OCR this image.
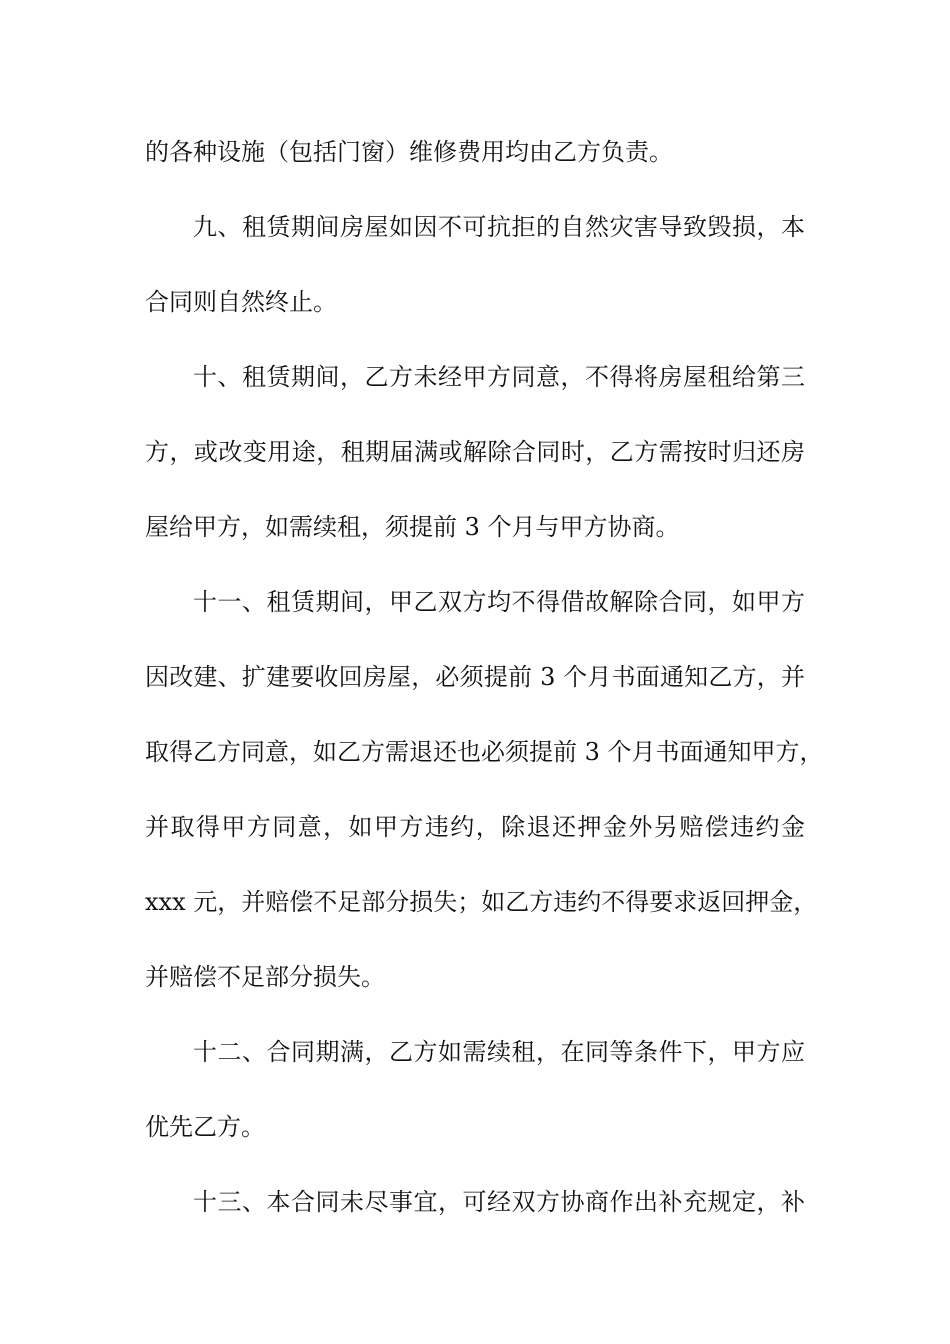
的各种设施（包括门窗）维修费用均由乙方负责。
九、租赁期间房屋如因不可抗拒的自然灾害导致毁损，本
合同则自然终止。
十、租赁期间，乙方未经甲方同意，不得将房屋租给第三
方，或改变用途，租期届满或解除合同时，乙方需按时归还房
屋给甲方，如需续租，须提前 3 个月与甲方协商。
十一、租赁期间，甲乙双方均不得借故解除合同，如甲方
因改建、扩建要收回房屋，必须提前 3 个月书面通知乙方，并
取得乙方同意，如乙方需退还也必须提前 3 个月书面通知甲方，
并取得甲方同意，如甲方违约，除退还押金外另赔偿违约金
xxx 元，并赔偿不足部分损失；如乙方违约不得要求返回押金，
并赔偿不足部分损失。
十二、合同期满，乙方如需续租，在同等条件下，甲方应
优先乙方。
十三、本合同未尽事宜，可经双方协商作出补充规定，补
